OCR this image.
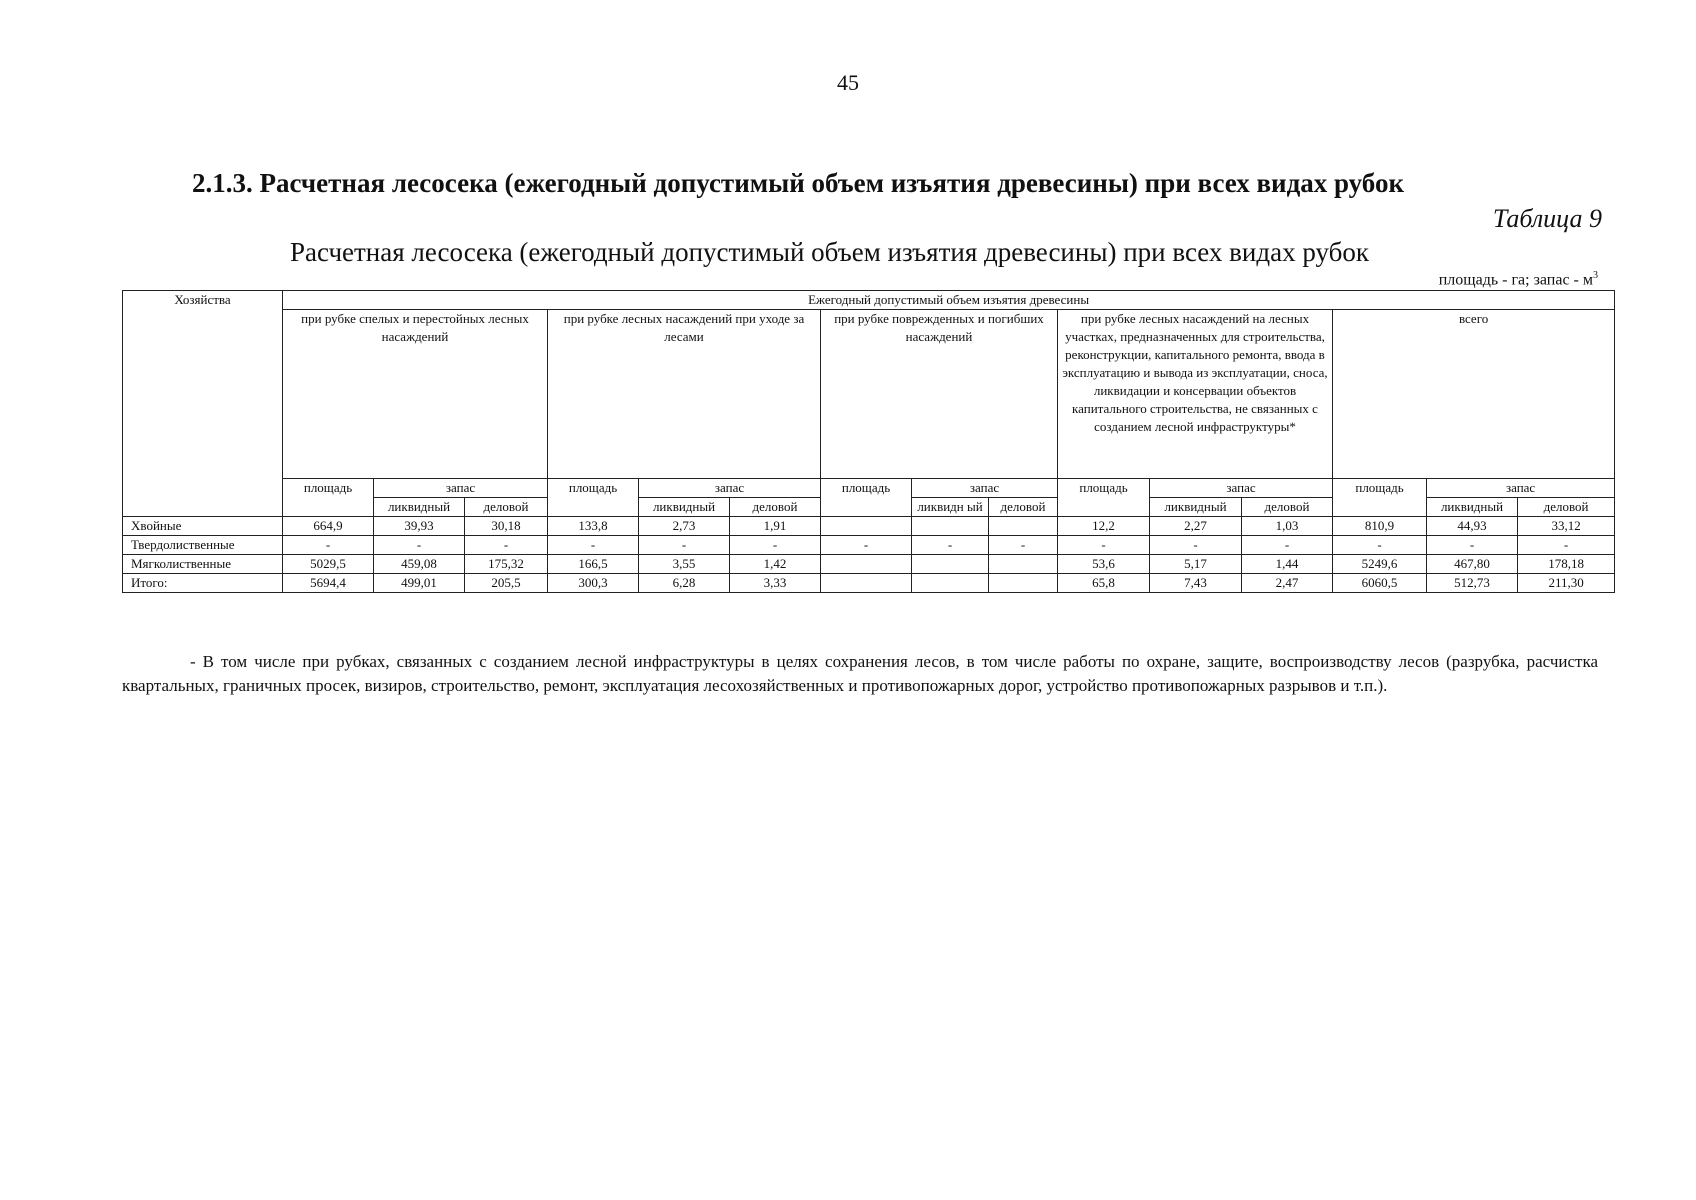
45
2.1.3. Расчетная лесосека (ежегодный допустимый объем изъятия древесины) при всех видах рубок
Таблица 9
Расчетная лесосека (ежегодный допустимый объем изъятия древесины) при всех видах рубок
площадь - га; запас - $м^3$
Хозяйства	Ежегодный допустимый объем изъятия древесины														
	при рубке спелых и перестойных лесных насаждений			при рубке лесных насаждений при уходе за лесами			при рубке поврежденных и погибших насаждений			при рубке лесных насаждений на лесных участках, предназначенных для строительства, реконструкции, капитального ремонта, ввода в эксплуатацию и вывода из эксплуатации, сноса, ликвидации и консервации объектов капитального строительства, не связанных с созданием лесной инфраструктуры*			всего		
	площадь	запас		площадь	запас		площадь	запас		площадь	запас		площадь	запас	
		ликвидный	деловой		ликвидный	деловой		ликвидн ый	деловой		ликвидный	деловой		ликвидный	деловой
Хвойные	664,9	39,93	30,18	133,8	2,73	1,91				12,2	2,27	1,03	810,9	44,93	33,12
Твердолиственные	-	-	-	-	-	-	-	-	-	-	-	-	-	-	-
Мягколиственные	5029,5	459,08	175,32	166,5	3,55	1,42				53,6	5,17	1,44	5249,6	467,80	178,18
Итого:	5694,4	499,01	205,5	300,3	6,28	3,33				65,8	7,43	2,47	6060,5	512,73	211,30
- В том числе при рубках, связанных с созданием лесной инфраструктуры в целях сохранения лесов, в том числе работы по охране, защите, воспроизводству лесов (разрубка, расчистка квартальных, граничных просек, визиров, строительство, ремонт, эксплуатация лесохозяйственных и противопожарных дорог, устройство противопожарных разрывов и т.п.).
